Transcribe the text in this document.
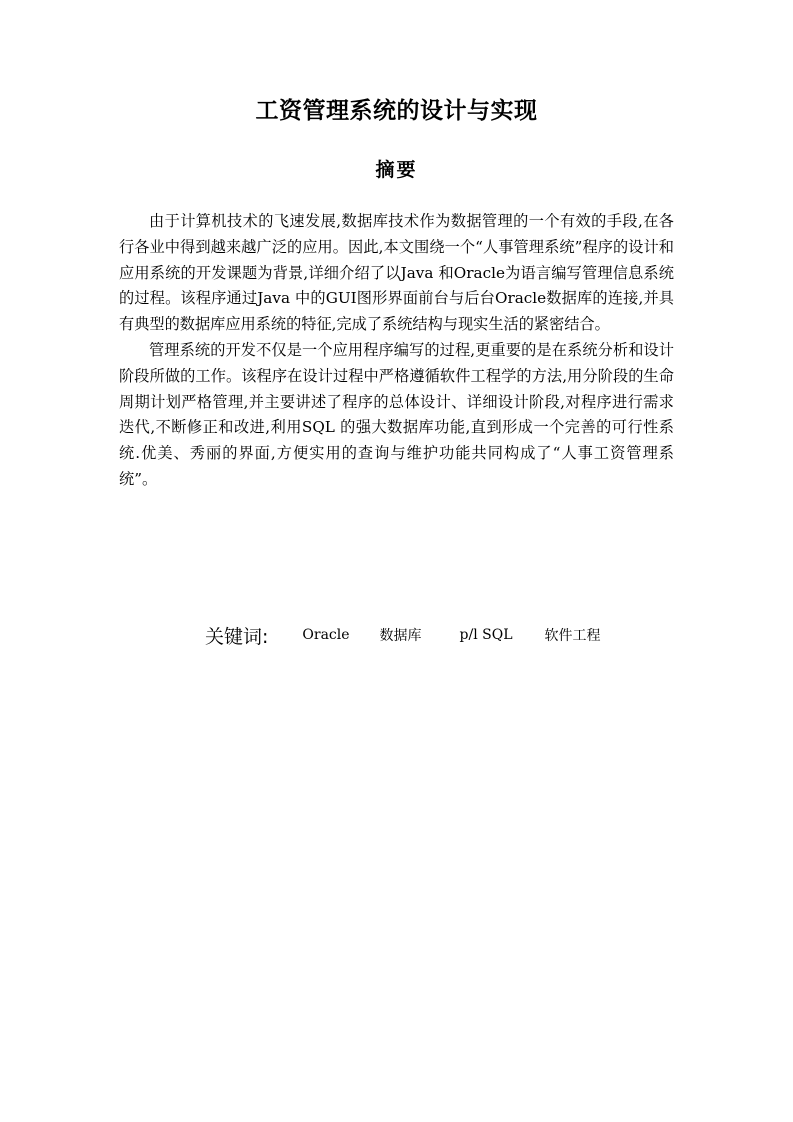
工资管理系统的设计与实现
摘要

由于计算机技术的飞速发展,数据库技术作为数据管理的一个有效的手段,在各行各业中得到越来越广泛的应用。因此,本文围绕一个“人事管理系统”程序的设计和应用系统的开发课题为背景,详细介绍了以Java 和Oracle为语言编写管理信息系统的过程。该程序通过Java 中的GUI图形界面前台与后台Oracle数据库的连接,并具有典型的数据库应用系统的特征,完成了系统结构与现实生活的紧密结合。

管理系统的开发不仅是一个应用程序编写的过程,更重要的是在系统分析和设计阶段所做的工作。该程序在设计过程中严格遵循软件工程学的方法,用分阶段的生命周期计划严格管理,并主要讲述了程序的总体设计、详细设计阶段,对程序进行需求迭代,不断修正和改进,利用SQL 的强大数据库功能,直到形成一个完善的可行性系统.优美、秀丽的界面,方便实用的查询与维护功能共同构成了“人事工资管理系统”。

关键词: Oracle 数据库	p/l SQL 软件工程
